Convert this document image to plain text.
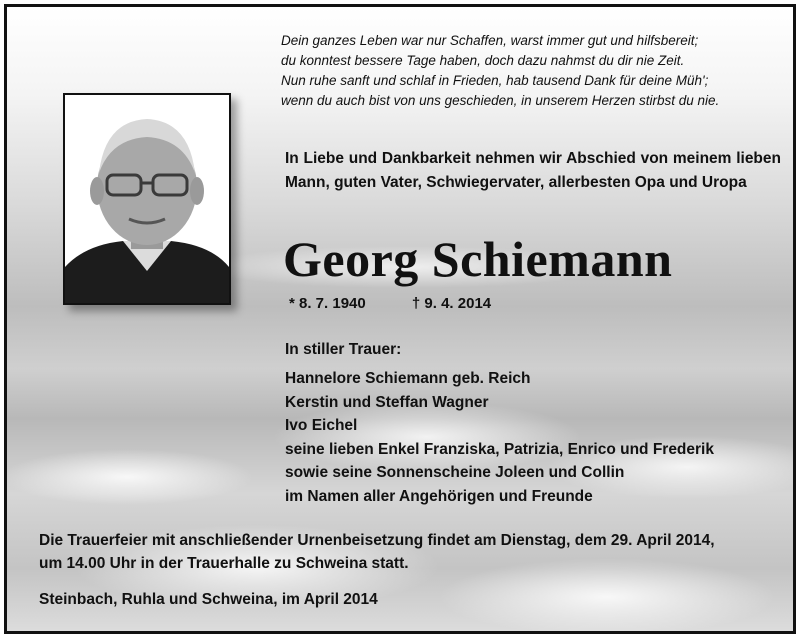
Dein ganzes Leben war nur Schaffen, warst immer gut und hilfsbereit;
du konntest bessere Tage haben, doch dazu nahmst du dir nie Zeit.
Nun ruhe sanft und schlaf in Frieden, hab tausend Dank für deine Müh';
wenn du auch bist von uns geschieden, in unserem Herzen stirbst du nie.
In Liebe und Dankbarkeit nehmen wir Abschied von meinem lieben Mann, guten Vater, Schwiegervater, allerbesten Opa und Uropa
Georg Schiemann
* 8. 7. 1940	† 9. 4. 2014
In stiller Trauer:
Hannelore Schiemann geb. Reich
Kerstin und Steffan Wagner
Ivo Eichel
seine lieben Enkel Franziska, Patrizia, Enrico und Frederik
sowie seine Sonnenscheine Joleen und Collin
im Namen aller Angehörigen und Freunde
Die Trauerfeier mit anschließender Urnenbeisetzung findet am Dienstag, dem 29. April 2014,
um 14.00 Uhr in der Trauerhalle zu Schweina statt.
Steinbach, Ruhla und Schweina, im April 2014
